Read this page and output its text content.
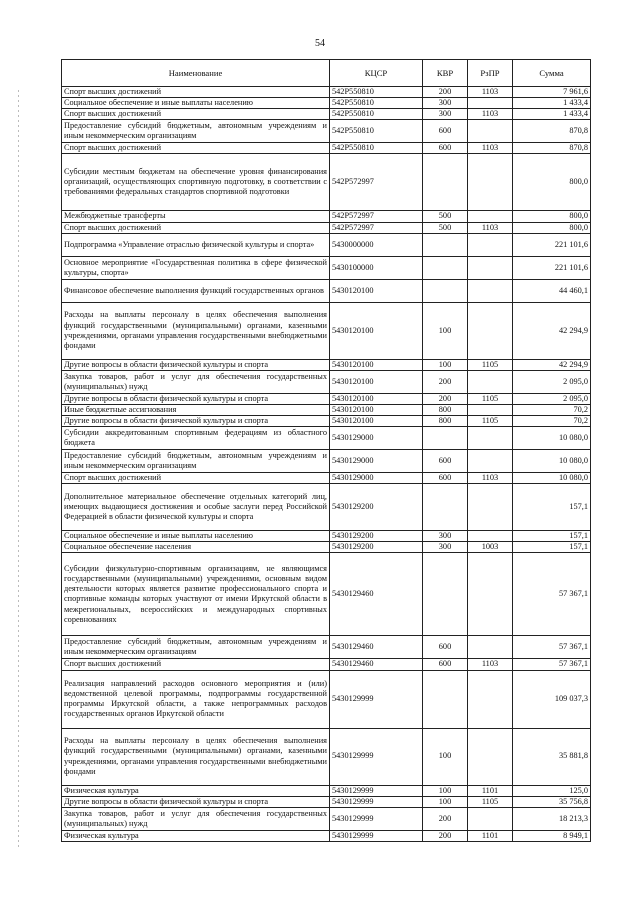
54
Наименование	КЦСР	КВР	РзПР	Сумма
Спорт высших достижений	542P550810	200	1103	7 961,6
Социальное обеспечение и иные выплаты населению	542P550810	300		1 433,4
Спорт высших достижений	542P550810	300	1103	1 433,4
Предоставление субсидий бюджетным, автономным учреждениям и иным некоммерческим организациям	542P550810	600		870,8
Спорт высших достижений	542P550810	600	1103	870,8
Субсидии местным бюджетам на обеспечение уровня финансирования организаций, осуществляющих спортивную подготовку, в соответствии с требованиями федеральных стандартов спортивной подготовки	542P572997			800,0
Межбюджетные трансферты	542P572997	500		800,0
Спорт высших достижений	542P572997	500	1103	800,0
Подпрограмма «Управление отраслью физической культуры и спорта»	5430000000			221 101,6
Основное мероприятие «Государственная политика в сфере физической культуры, спорта»	5430100000			221 101,6
Финансовое обеспечение выполнения функций государственных органов	5430120100			44 460,1
Расходы на выплаты персоналу в целях обеспечения выполнения функций государственными (муниципальными) органами, казенными учреждениями, органами управления государственными внебюджетными фондами	5430120100	100		42 294,9
Другие вопросы в области физической культуры и спорта	5430120100	100	1105	42 294,9
Закупка товаров, работ и услуг для обеспечения государственных (муниципальных) нужд	5430120100	200		2 095,0
Другие вопросы в области физической культуры и спорта	5430120100	200	1105	2 095,0
Иные бюджетные ассигнования	5430120100	800		70,2
Другие вопросы в области физической культуры и спорта	5430120100	800	1105	70,2
Субсидии аккредитованным спортивным федерациям из областного бюджета	5430129000			10 080,0
Предоставление субсидий бюджетным, автономным учреждениям и иным некоммерческим организациям	5430129000	600		10 080,0
Спорт высших достижений	5430129000	600	1103	10 080,0
Дополнительное материальное обеспечение отдельных категорий лиц, имеющих выдающиеся достижения и особые заслуги перед Российской Федерацией в области физической культуры и спорта	5430129200			157,1
Социальное обеспечение и иные выплаты населению	5430129200	300		157,1
Социальное обеспечение населения	5430129200	300	1003	157,1
Субсидии физкультурно-спортивным организациям, не являющимся государственными (муниципальными) учреждениями, основным видом деятельности которых является развитие профессионального спорта и спортивные команды которых участвуют от имени Иркутской области в межрегиональных, всероссийских и международных спортивных соревнованиях	5430129460			57 367,1
Предоставление субсидий бюджетным, автономным учреждениям и иным некоммерческим организациям	5430129460	600		57 367,1
Спорт высших достижений	5430129460	600	1103	57 367,1
Реализация направлений расходов основного мероприятия и (или) ведомственной целевой программы, подпрограммы государственной программы Иркутской области, а также непрограммных расходов государственных органов Иркутской области	5430129999			109 037,3
Расходы на выплаты персоналу в целях обеспечения выполнения функций государственными (муниципальными) органами, казенными учреждениями, органами управления государственными внебюджетными фондами	5430129999	100		35 881,8
Физическая культура	5430129999	100	1101	125,0
Другие вопросы в области физической культуры и спорта	5430129999	100	1105	35 756,8
Закупка товаров, работ и услуг для обеспечения государственных (муниципальных) нужд	5430129999	200		18 213,3
Физическая культура	5430129999	200	1101	8 949,1
